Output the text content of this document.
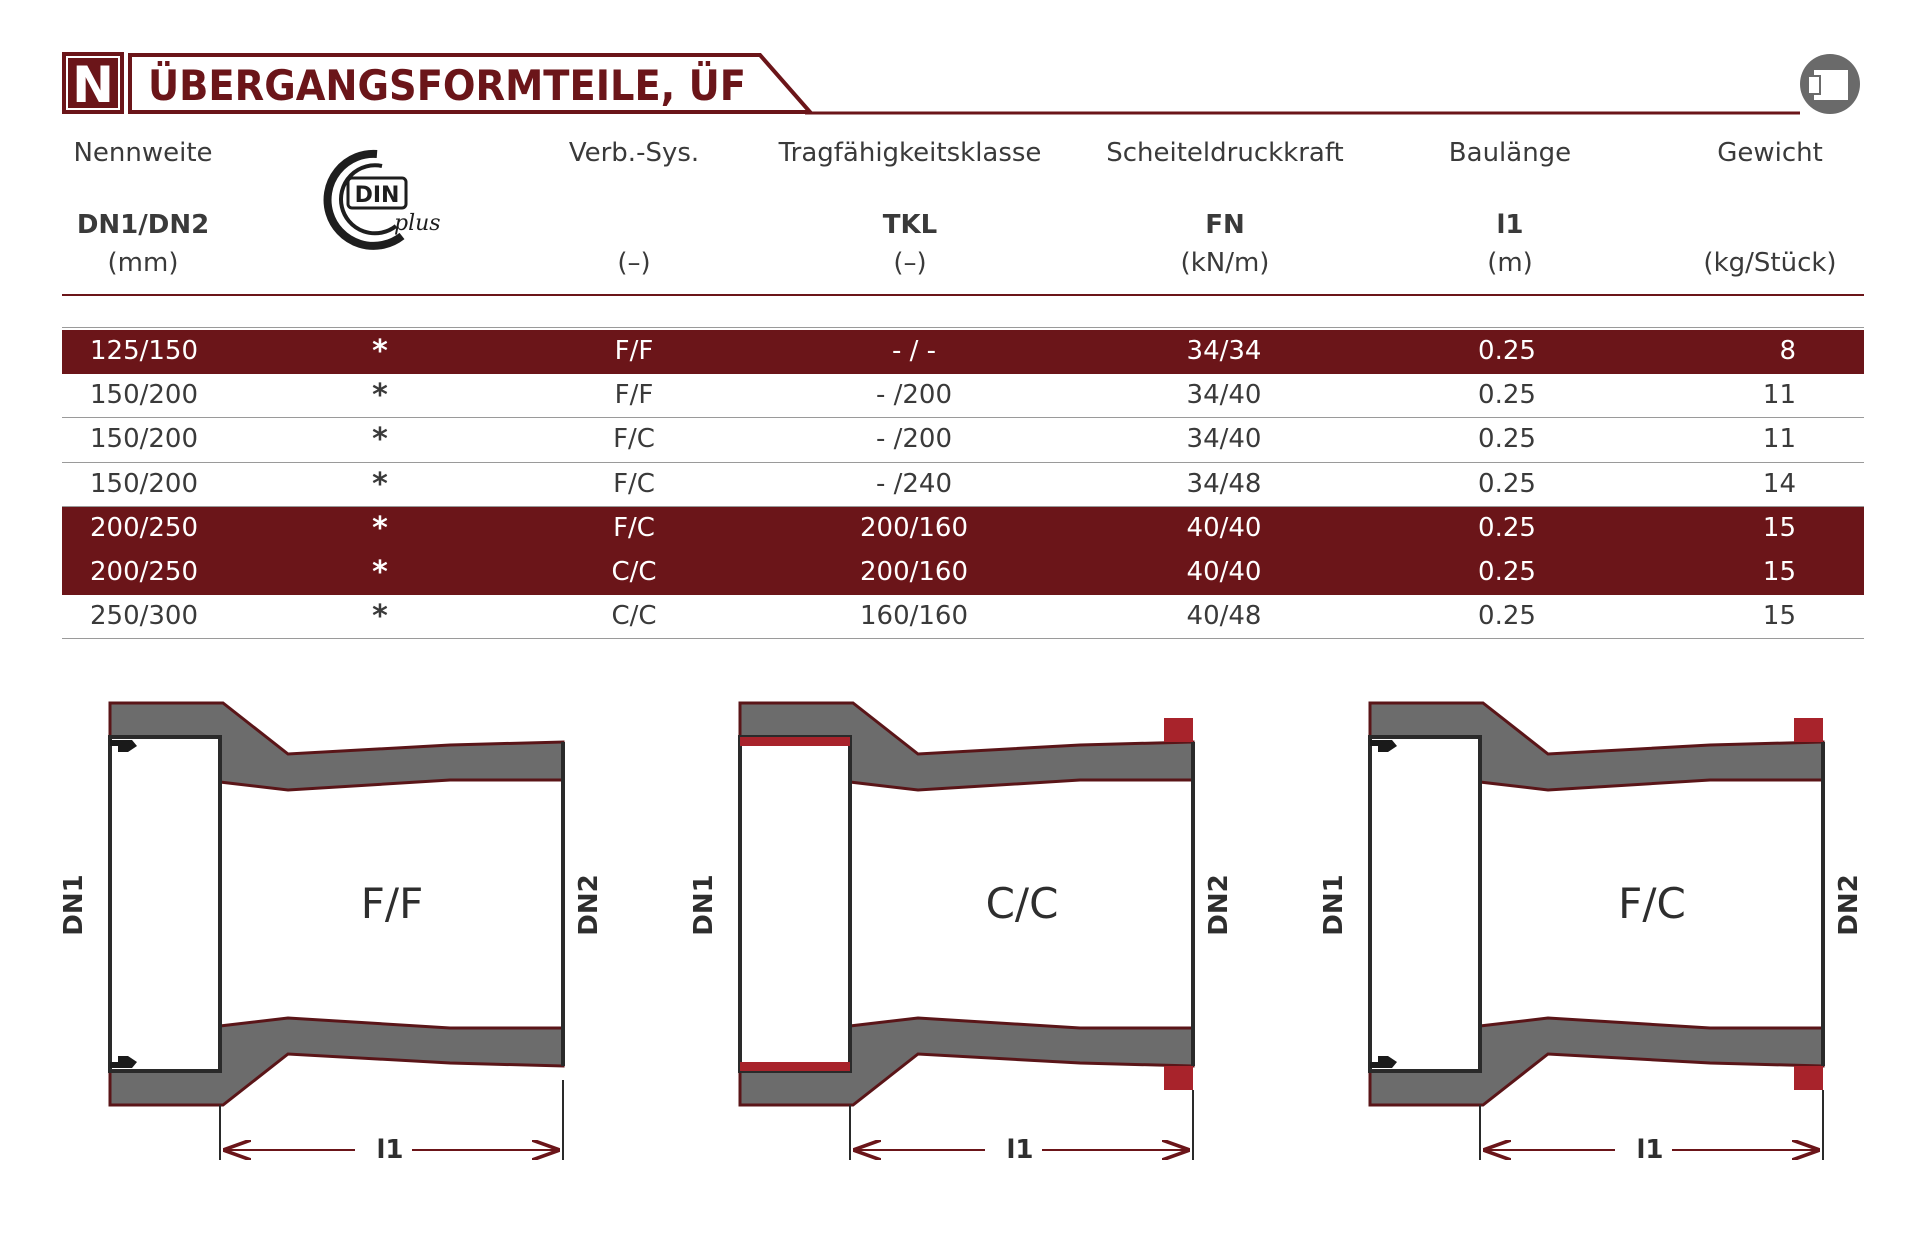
N ÜBERGANGSFORMTEILE, ÜF
Nennweite
DN1/DN2
(mm)
Verb.-Sys.
(–)
Tragfähigkeitsklasse
TKL
(–)
Scheiteldruckkraft
FN
(kN/m)
Baulänge
l1
(m)
Gewicht
(kg/Stück)
DIN
plus
125/150	*	F/F	- / -	34/34	0.25	8
150/200	*	F/F	- /200	34/40	0.25	11
150/200	*	F/C	- /200	34/40	0.25	11
150/200	*	F/C	- /240	34/48	0.25	14
200/250	*	F/C	200/160	40/40	0.25	15
200/250	*	C/C	200/160	40/40	0.25	15
250/300	*	C/C	160/160	40/48	0.25	15
F/F
DN1	DN2
l1
C/C
DN1	DN2
l1
F/C
DN1	DN2
l1
